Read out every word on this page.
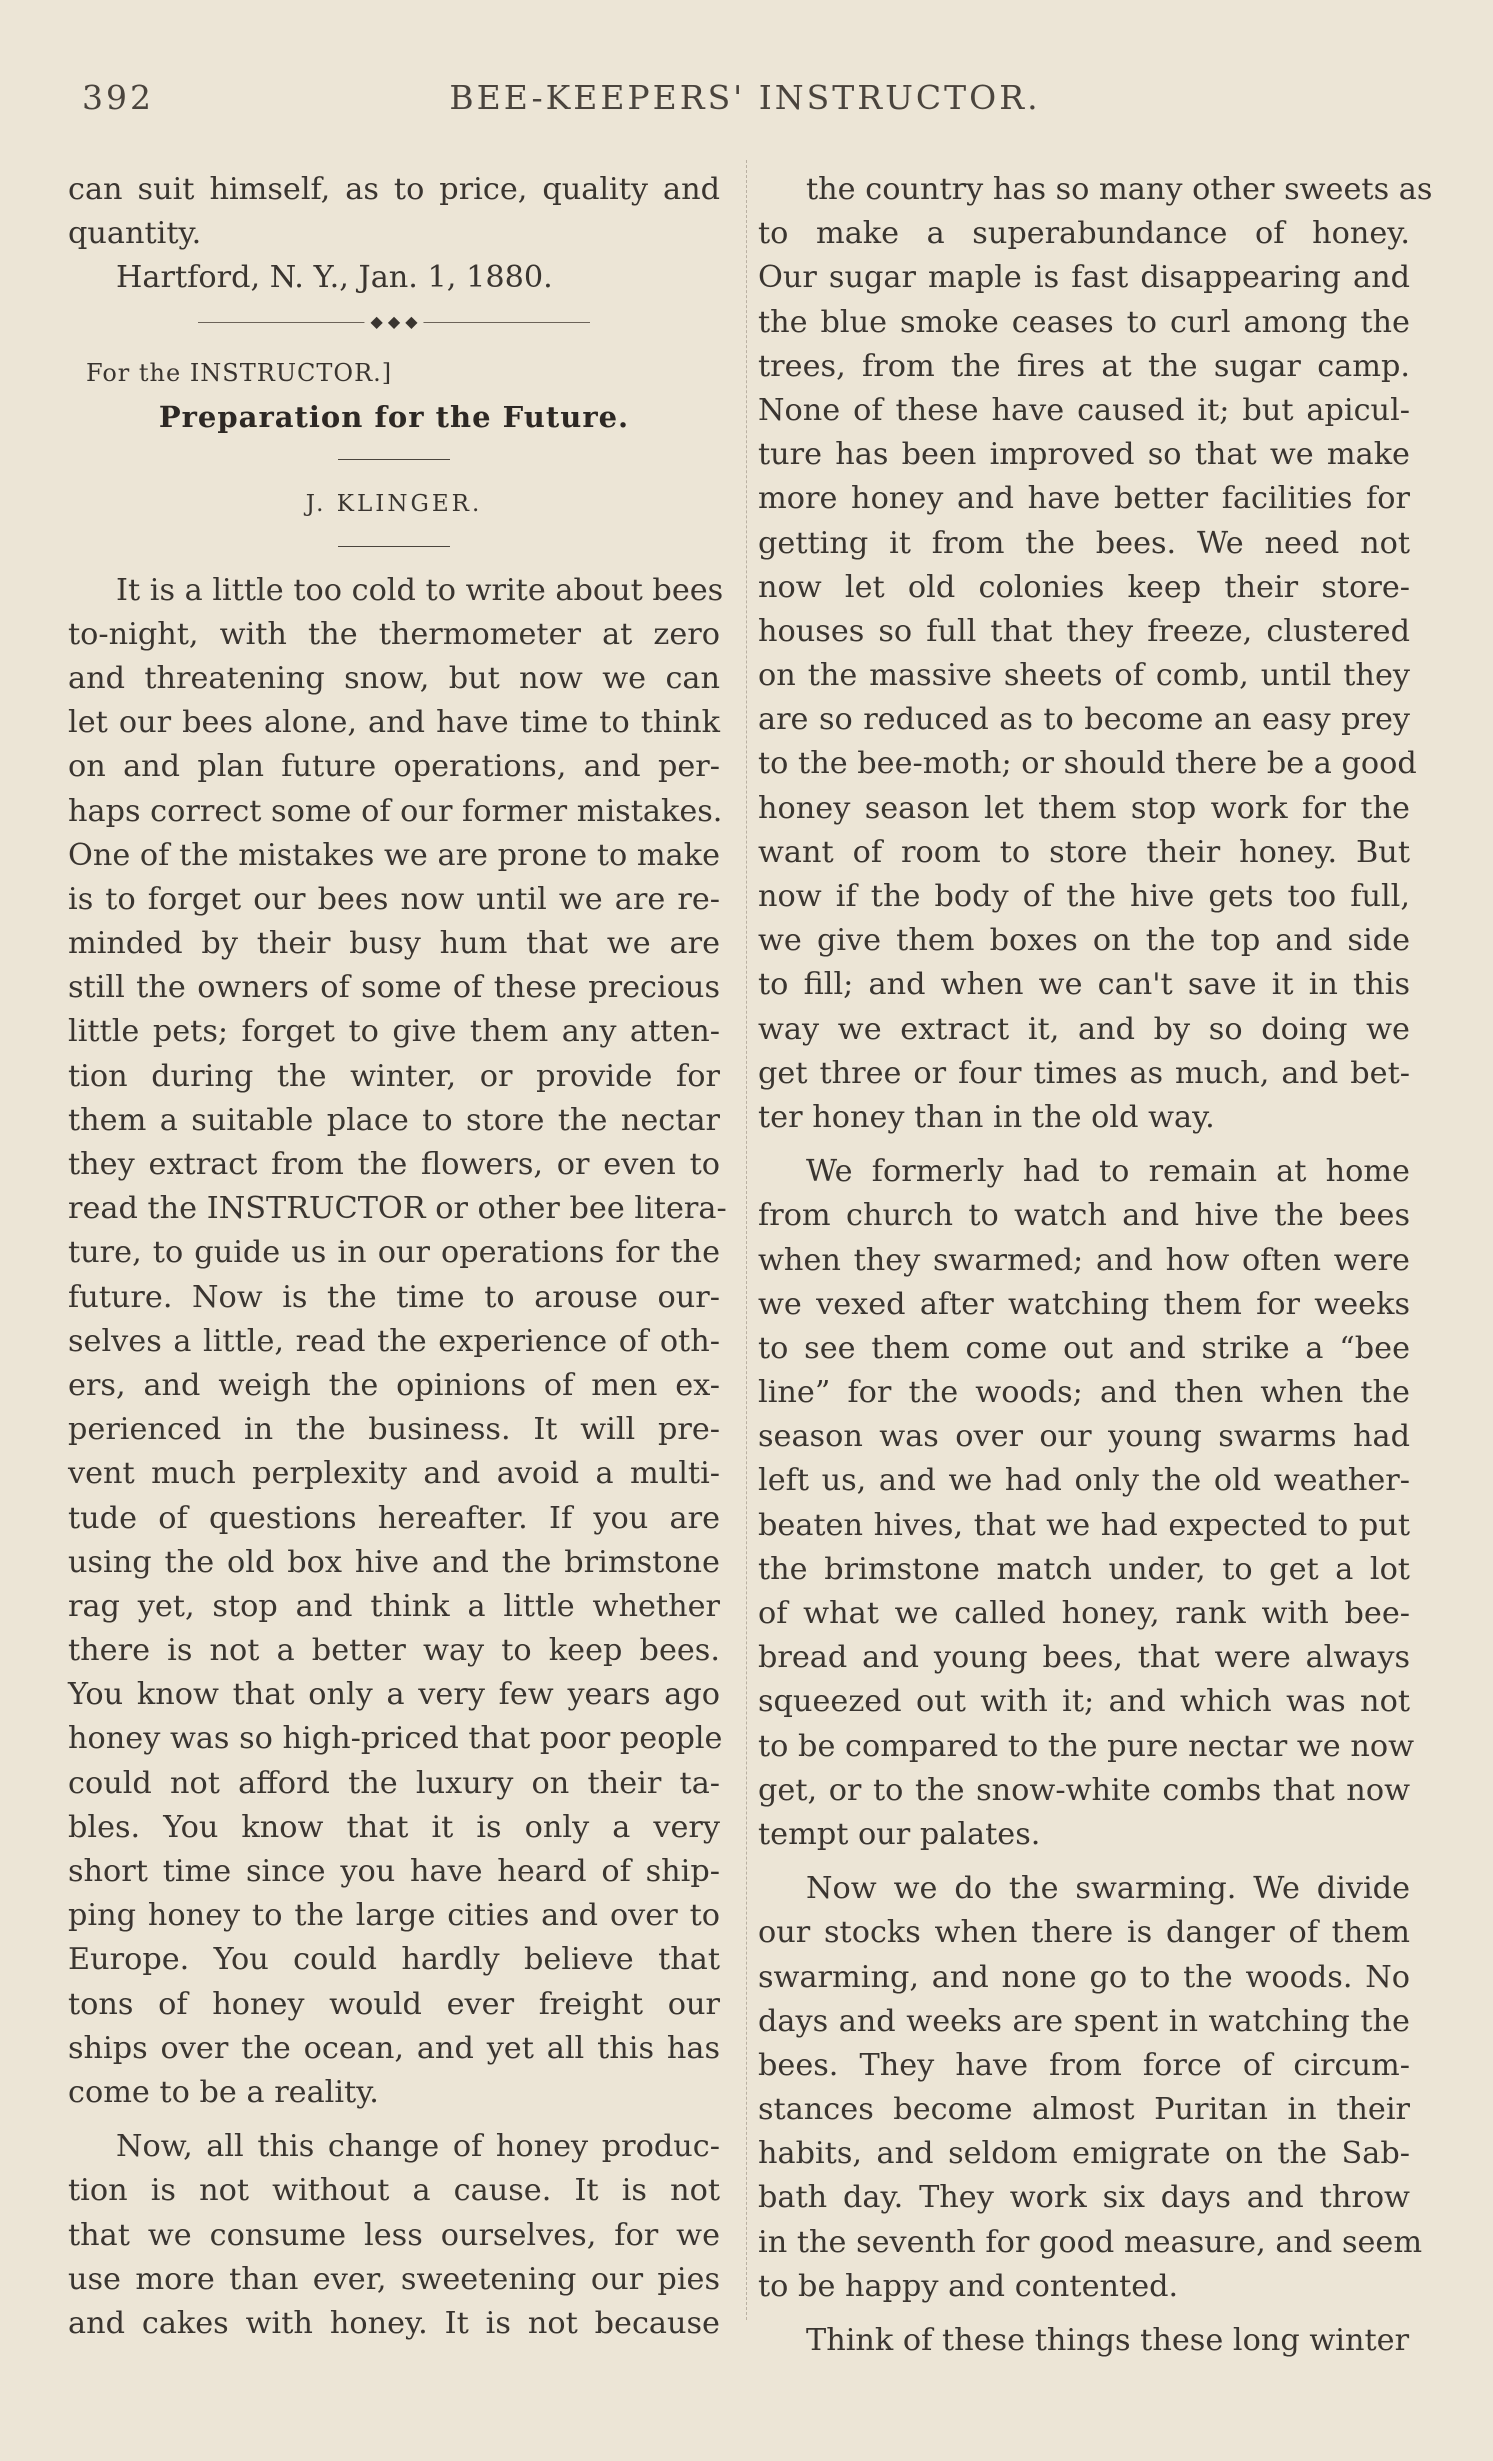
392	BEE-KEEPERS' INSTRUCTOR.
can suit himself, as to price, quality and
quantity.
Hartford, N. Y., Jan. 1, 1880.
◆ ◆ ◆
For the INSTRUCTOR.]
Preparation for the Future.
J. KLINGER.
It is a little too cold to write about bees
to-night, with the thermometer at zero
and threatening snow, but now we can
let our bees alone, and have time to think
on and plan future operations, and per-
haps correct some of our former mistakes.
One of the mistakes we are prone to make
is to forget our bees now until we are re-
minded by their busy hum that we are
still the owners of some of these precious
little pets; forget to give them any atten-
tion during the winter, or provide for
them a suitable place to store the nectar
they extract from the flowers, or even to
read the INSTRUCTOR or other bee litera-
ture, to guide us in our operations for the
future. Now is the time to arouse our-
selves a little, read the experience of oth-
ers, and weigh the opinions of men ex-
perienced in the business. It will pre-
vent much perplexity and avoid a multi-
tude of questions hereafter. If you are
using the old box hive and the brimstone
rag yet, stop and think a little whether
there is not a better way to keep bees.
You know that only a very few years ago
honey was so high-priced that poor people
could not afford the luxury on their ta-
bles. You know that it is only a very
short time since you have heard of ship-
ping honey to the large cities and over to
Europe. You could hardly believe that
tons of honey would ever freight our
ships over the ocean, and yet all this has
come to be a reality.
Now, all this change of honey produc-
tion is not without a cause. It is not
that we consume less ourselves, for we
use more than ever, sweetening our pies
and cakes with honey. It is not because
the country has so many other sweets as
to make a superabundance of honey.
Our sugar maple is fast disappearing and
the blue smoke ceases to curl among the
trees, from the fires at the sugar camp.
None of these have caused it; but apicul-
ture has been improved so that we make
more honey and have better facilities for
getting it from the bees. We need not
now let old colonies keep their store-
houses so full that they freeze, clustered
on the massive sheets of comb, until they
are so reduced as to become an easy prey
to the bee-moth; or should there be a good
honey season let them stop work for the
want of room to store their honey. But
now if the body of the hive gets too full,
we give them boxes on the top and side
to fill; and when we can't save it in this
way we extract it, and by so doing we
get three or four times as much, and bet-
ter honey than in the old way.
We formerly had to remain at home
from church to watch and hive the bees
when they swarmed; and how often were
we vexed after watching them for weeks
to see them come out and strike a “bee
line” for the woods; and then when the
season was over our young swarms had
left us, and we had only the old weather-
beaten hives, that we had expected to put
the brimstone match under, to get a lot
of what we called honey, rank with bee-
bread and young bees, that were always
squeezed out with it; and which was not
to be compared to the pure nectar we now
get, or to the snow-white combs that now
tempt our palates.
Now we do the swarming. We divide
our stocks when there is danger of them
swarming, and none go to the woods. No
days and weeks are spent in watching the
bees. They have from force of circum-
stances become almost Puritan in their
habits, and seldom emigrate on the Sab-
bath day. They work six days and throw
in the seventh for good measure, and seem
to be happy and contented.
Think of these things these long winter
